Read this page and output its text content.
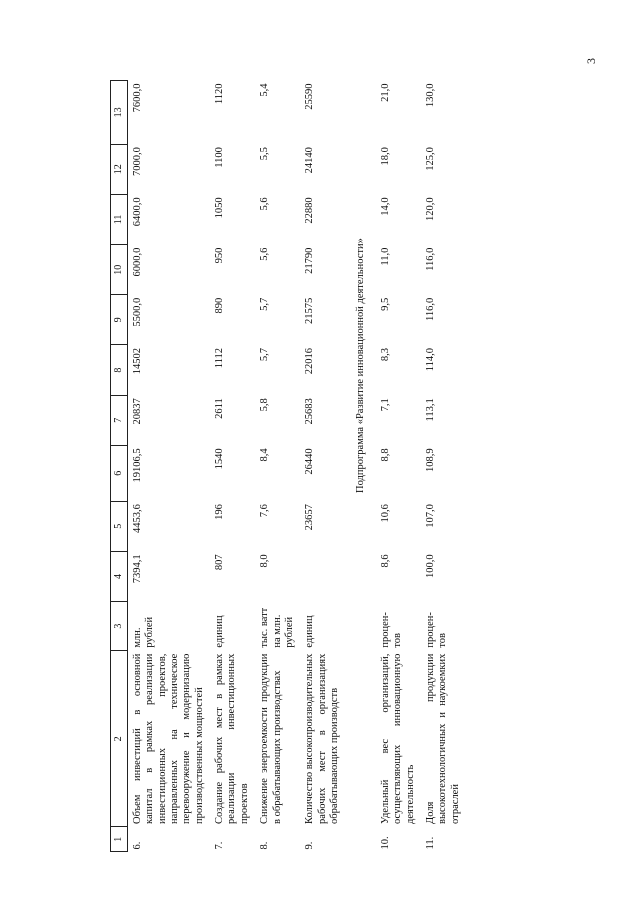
3
1	2	3	4	5	6	7	8	9	10	11	12	13
6.	Объем инвестиций в основной капитал в рамках реализации инвестиционных проектов, направленных на техническое перевооружение и модернизацию производственных мощностей	млн. рублей	7394,1	4453,6	19106,5	20837	14502	5500,0	6000,0	6400,0	7000,0	7600,0
7.	Создание рабочих мест в рамках реализации инвестиционных проектов	единиц	807	196	1540	2611	1112	890	950	1050	1100	1120
8.	Снижение энергоемкости продукции в обрабатывающих производствах	тыс. ватт на млн. рублей	8,0	7,6	8,4	5,8	5,7	5,7	5,6	5,6	5,5	5,4
9.	Количество высокопроизводительных рабочих мест в организациях обрабатывающих производств	единиц		23657	26440	25683	22016	21575	21790	22880	24140	25590
		Подпрограмма «Развитие инновационной деятельности»										
10.	Удельный вес организаций, осуществляющих инновационную деятельность	процен-тов	8,6	10,6	8,8	7,1	8,3	9,5	11,0	14,0	18,0	21,0
11.	Доля продукции высокотехнологичных и наукоемких отраслей	процен-тов	100,0	107,0	108,9	113,1	114,0	116,0	116,0	120,0	125,0	130,0
